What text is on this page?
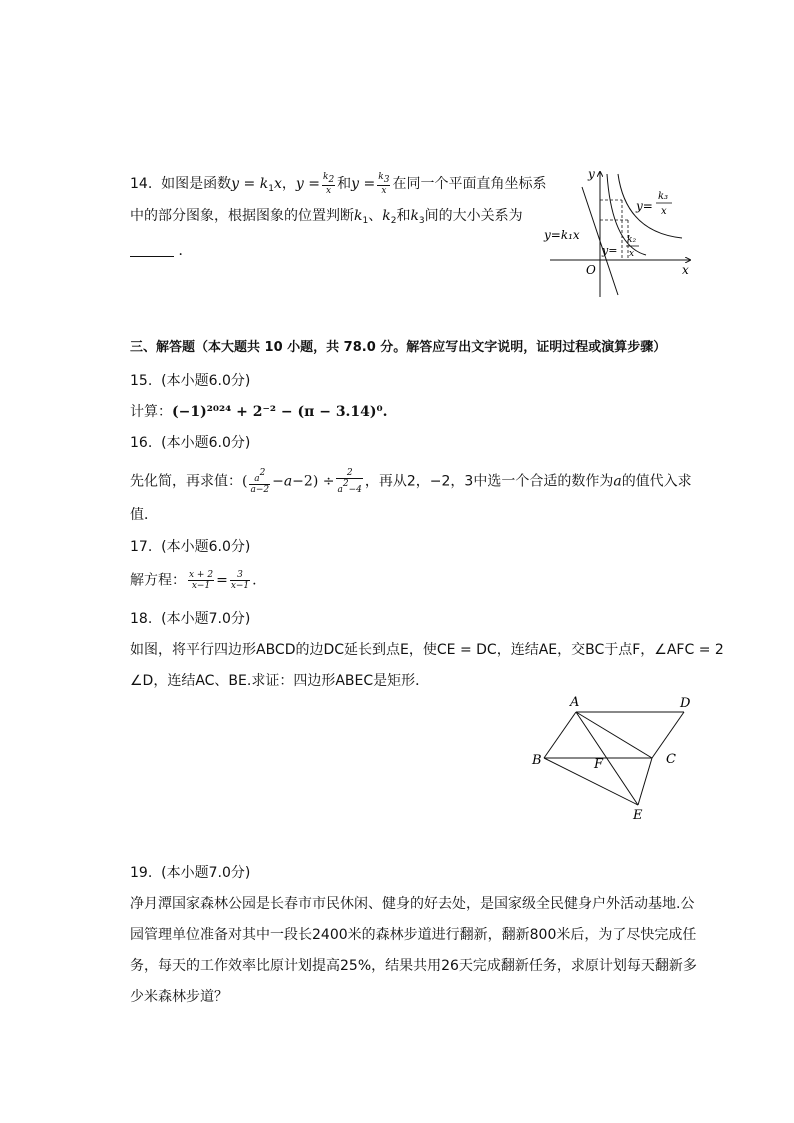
14. 如图是函数$y = k_1x$，$y = \frac{k_2}{x}$ 和$y = \frac{k_3}{x}$ 在同一个平面直角坐标系
中的部分图象，根据图象的位置判断$k_1$、$k_2$和$k_3$间的大小关系为
．
y
x
O
y=k₁x
y=
k₃
x
y=
k₂
x
三、解答题（本大题共 10 小题，共 78.0 分。解答应写出文字说明，证明过程或演算步骤）
15. (本小题6.0分)
计算：(−1)²⁰²⁴ + 2⁻² − (π − 3.14)⁰.
16. (本小题6.0分)
先化简，再求值：( $\frac{a^2}{a-2} -a-2) \div \frac{2}{a^2-4}$ ，再从2，−2，3中选一个合适的数作为a的值代入求
值．
17. (本小题6.0分)
解方程： $\frac{x + 2}{x-1} = \frac{3}{x-1}$ .
18. (本小题7.0分)
如图，将平行四边形ABCD的边DC延长到点E，使CE = DC，连结AE，交BC于点F，∠AFC = 2
∠D，连结AC、BE.求证：四边形ABEC是矩形．
A	D
B	C
F
E
19. (本小题7.0分)
净月潭国家森林公园是长春市市民休闲、健身的好去处，是国家级全民健身户外活动基地.公
园管理单位准备对其中一段长2400米的森林步道进行翻新，翻新800米后，为了尽快完成任
务，每天的工作效率比原计划提高25%，结果共用26天完成翻新任务，求原计划每天翻新多
少米森林步道？
